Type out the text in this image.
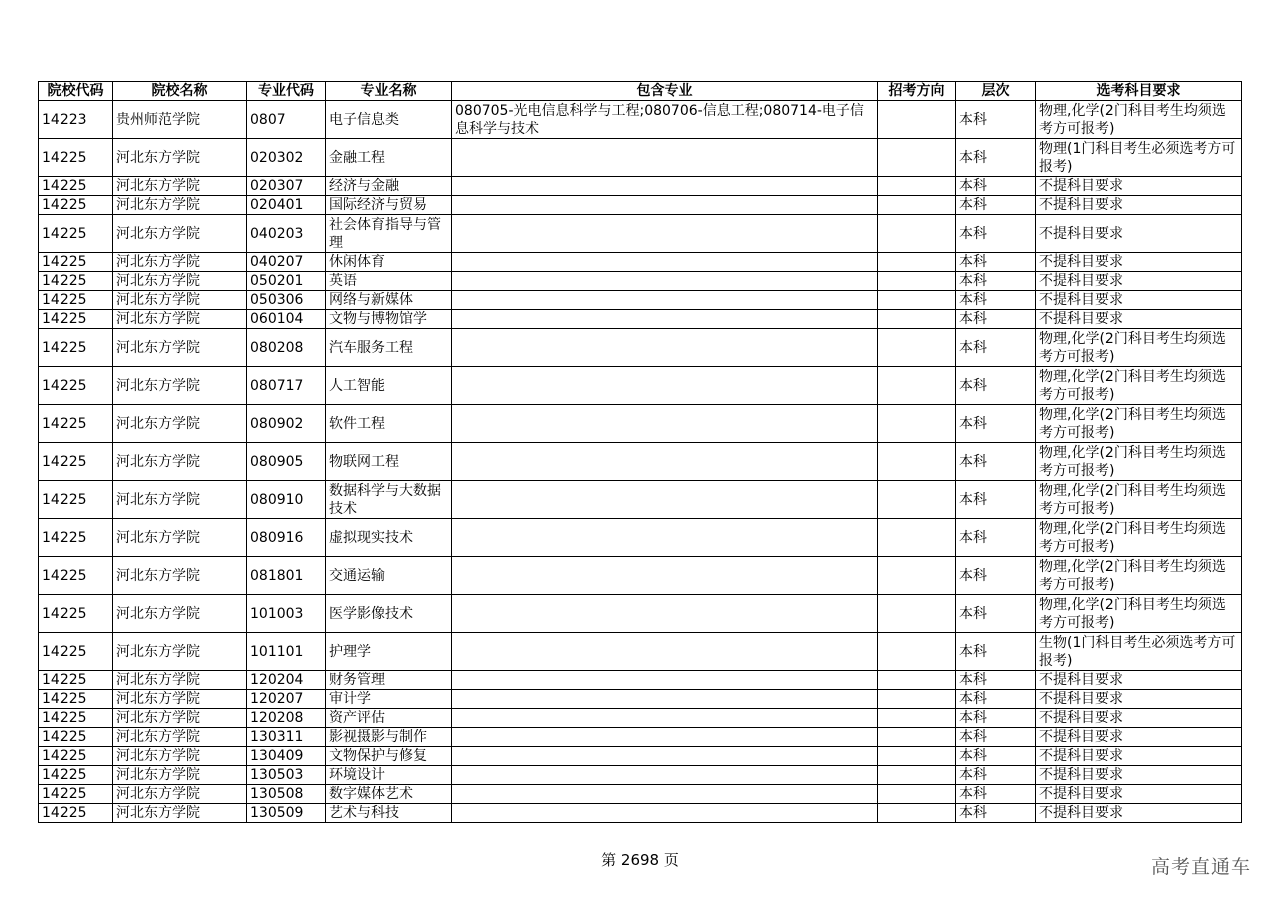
院校代码	院校名称	专业代码	专业名称	包含专业	招考方向	层次	选考科目要求
14223	贵州师范学院	0807	电子信息类	080705-光电信息科学与工程;080706-信息工程;080714-电子信息科学与技术		本科	物理,化学(2门科目考生均须选考方可报考)
14225	河北东方学院	020302	金融工程			本科	物理(1门科目考生必须选考方可报考)
14225	河北东方学院	020307	经济与金融			本科	不提科目要求
14225	河北东方学院	020401	国际经济与贸易			本科	不提科目要求
14225	河北东方学院	040203	社会体育指导与管理			本科	不提科目要求
14225	河北东方学院	040207	休闲体育			本科	不提科目要求
14225	河北东方学院	050201	英语			本科	不提科目要求
14225	河北东方学院	050306	网络与新媒体			本科	不提科目要求
14225	河北东方学院	060104	文物与博物馆学			本科	不提科目要求
14225	河北东方学院	080208	汽车服务工程			本科	物理,化学(2门科目考生均须选考方可报考)
14225	河北东方学院	080717	人工智能			本科	物理,化学(2门科目考生均须选考方可报考)
14225	河北东方学院	080902	软件工程			本科	物理,化学(2门科目考生均须选考方可报考)
14225	河北东方学院	080905	物联网工程			本科	物理,化学(2门科目考生均须选考方可报考)
14225	河北东方学院	080910	数据科学与大数据技术			本科	物理,化学(2门科目考生均须选考方可报考)
14225	河北东方学院	080916	虚拟现实技术			本科	物理,化学(2门科目考生均须选考方可报考)
14225	河北东方学院	081801	交通运输			本科	物理,化学(2门科目考生均须选考方可报考)
14225	河北东方学院	101003	医学影像技术			本科	物理,化学(2门科目考生均须选考方可报考)
14225	河北东方学院	101101	护理学			本科	生物(1门科目考生必须选考方可报考)
14225	河北东方学院	120204	财务管理			本科	不提科目要求
14225	河北东方学院	120207	审计学			本科	不提科目要求
14225	河北东方学院	120208	资产评估			本科	不提科目要求
14225	河北东方学院	130311	影视摄影与制作			本科	不提科目要求
14225	河北东方学院	130409	文物保护与修复			本科	不提科目要求
14225	河北东方学院	130503	环境设计			本科	不提科目要求
14225	河北东方学院	130508	数字媒体艺术			本科	不提科目要求
14225	河北东方学院	130509	艺术与科技			本科	不提科目要求
第 2698 页	高考直通车
